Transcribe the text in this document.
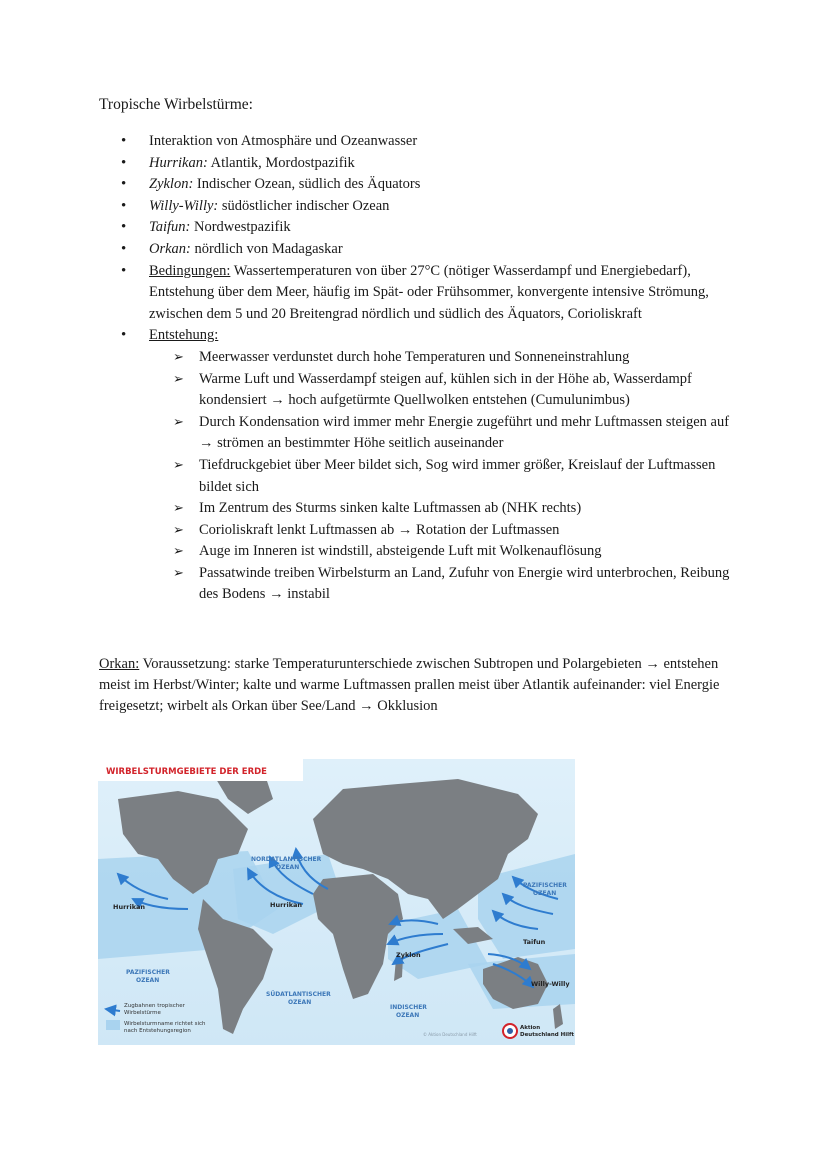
Tropische Wirbelstürme:
• Interaktion von Atmosphäre und Ozeanwasser
• Hurrikan: Atlantik, Mordostpazifik
• Zyklon: Indischer Ozean, südlich des Äquators
• Willy-Willy: südöstlicher indischer Ozean
• Taifun: Nordwestpazifik
• Orkan: nördlich von Madagaskar
• Bedingungen: Wassertemperaturen von über 27°C (nötiger Wasserdampf und Energiebedarf), Entstehung über dem Meer, häufig im Spät- oder Frühsommer, konvergente intensive Strömung, zwischen dem 5 und 20 Breitengrad nördlich und südlich des Äquators, Corioliskraft
• Entstehung:
➢ Meerwasser verdunstet durch hohe Temperaturen und Sonneneinstrahlung
➢ Warme Luft und Wasserdampf steigen auf, kühlen sich in der Höhe ab, Wasserdampf kondensiert → hoch aufgetürmte Quellwolken entstehen (Cumulunimbus)
➢ Durch Kondensation wird immer mehr Energie zugeführt und mehr Luftmassen steigen auf → strömen an bestimmter Höhe seitlich auseinander
➢ Tiefdruckgebiet über Meer bildet sich, Sog wird immer größer, Kreislauf der Luftmassen bildet sich
➢ Im Zentrum des Sturms sinken kalte Luftmassen ab (NHK rechts)
➢ Corioliskraft lenkt Luftmassen ab → Rotation der Luftmassen
➢ Auge im Inneren ist windstill, absteigende Luft mit Wolkenauflösung
➢ Passatwinde treiben Wirbelsturm an Land, Zufuhr von Energie wird unterbrochen, Reibung des Bodens → instabil
Orkan: Voraussetzung: starke Temperaturunterschiede zwischen Subtropen und Polargebieten → entstehen meist im Herbst/Winter; kalte und warme Luftmassen prallen meist über Atlantik aufeinander: viel Energie freigesetzt; wirbelt als Orkan über See/Land → Okklusion
WIRBELSTURMGEBIETE DER ERDE
NORDATLANTISCHER
OZEAN
PAZIFISCHER
OZEAN
PAZIFISCHER
OZEAN
SÜDATLANTISCHER
OZEAN
INDISCHER
OZEAN
Hurrikan	Hurrikan
Zyklon
Taifun
Willy-Willy
Zugbahnen tropischer
Wirbelstürme
Wirbelsturmname richtet sich
nach Entstehungsregion
© Aktion Deutschland Hilft
Aktion
Deutschland Hilft
